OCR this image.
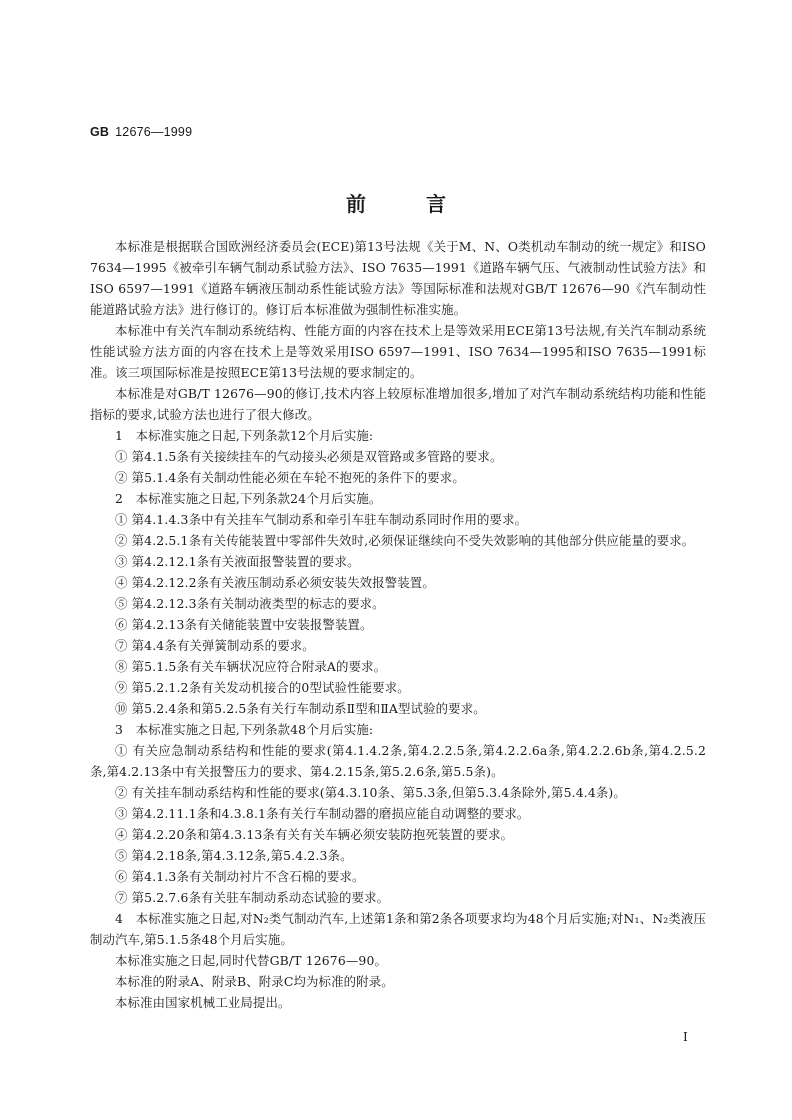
GB 12676—1999
前言

本标准是根据联合国欧洲经济委员会(ECE)第13号法规《关于M、N、O类机动车制动的统一规定》和ISO 7634—1995《被牵引车辆气制动系试验方法》、ISO 7635—1991《道路车辆气压、气液制动性试验方法》和ISO 6597—1991《道路车辆液压制动系性能试验方法》等国际标准和法规对GB/T 12676—90《汽车制动性能道路试验方法》进行修订的。修订后本标准做为强制性标准实施。

本标准中有关汽车制动系统结构、性能方面的内容在技术上是等效采用ECE第13号法规,有关汽车制动系统性能试验方法方面的内容在技术上是等效采用ISO 6597—1991、ISO 7634—1995和ISO 7635—1991标准。该三项国际标准是按照ECE第13号法规的要求制定的。

本标准是对GB/T 12676—90的修订,技术内容上较原标准增加很多,增加了对汽车制动系统结构功能和性能指标的要求,试验方法也进行了很大修改。

1　本标准实施之日起,下列条款12个月后实施:

① 第4.1.5条有关接续挂车的气动接头必须是双管路或多管路的要求。

② 第5.1.4条有关制动性能必须在车轮不抱死的条件下的要求。

2　本标准实施之日起,下列条款24个月后实施。

① 第4.1.4.3条中有关挂车气制动系和牵引车驻车制动系同时作用的要求。

② 第4.2.5.1条有关传能装置中零部件失效时,必须保证继续向不受失效影响的其他部分供应能量的要求。

③ 第4.2.12.1条有关液面报警装置的要求。

④ 第4.2.12.2条有关液压制动系必须安装失效报警装置。

⑤ 第4.2.12.3条有关制动液类型的标志的要求。

⑥ 第4.2.13条有关储能装置中安装报警装置。

⑦ 第4.4条有关弹簧制动系的要求。

⑧ 第5.1.5条有关车辆状况应符合附录A的要求。

⑨ 第5.2.1.2条有关发动机接合的0型试验性能要求。

⑩ 第5.2.4条和第5.2.5条有关行车制动系Ⅱ型和ⅡA型试验的要求。

3　本标准实施之日起,下列条款48个月后实施:

① 有关应急制动系结构和性能的要求(第4.1.4.2条,第4.2.2.5条,第4.2.2.6a条,第4.2.2.6b条,第4.2.5.2条,第4.2.13条中有关报警压力的要求、第4.2.15条,第5.2.6条,第5.5条)。

② 有关挂车制动系结构和性能的要求(第4.3.10条、第5.3条,但第5.3.4条除外,第5.4.4条)。

③ 第4.2.11.1条和4.3.8.1条有关行车制动器的磨损应能自动调整的要求。

④ 第4.2.20条和第4.3.13条有关有关车辆必须安装防抱死装置的要求。

⑤ 第4.2.18条,第4.3.12条,第5.4.2.3条。

⑥ 第4.1.3条有关制动衬片不含石棉的要求。

⑦ 第5.2.7.6条有关驻车制动系动态试验的要求。

4　本标准实施之日起,对N₂类气制动汽车,上述第1条和第2条各项要求均为48个月后实施;对N₁、N₂类液压制动汽车,第5.1.5条48个月后实施。

本标准实施之日起,同时代替GB/T 12676—90。

本标准的附录A、附录B、附录C均为标准的附录。

本标准由国家机械工业局提出。

I
